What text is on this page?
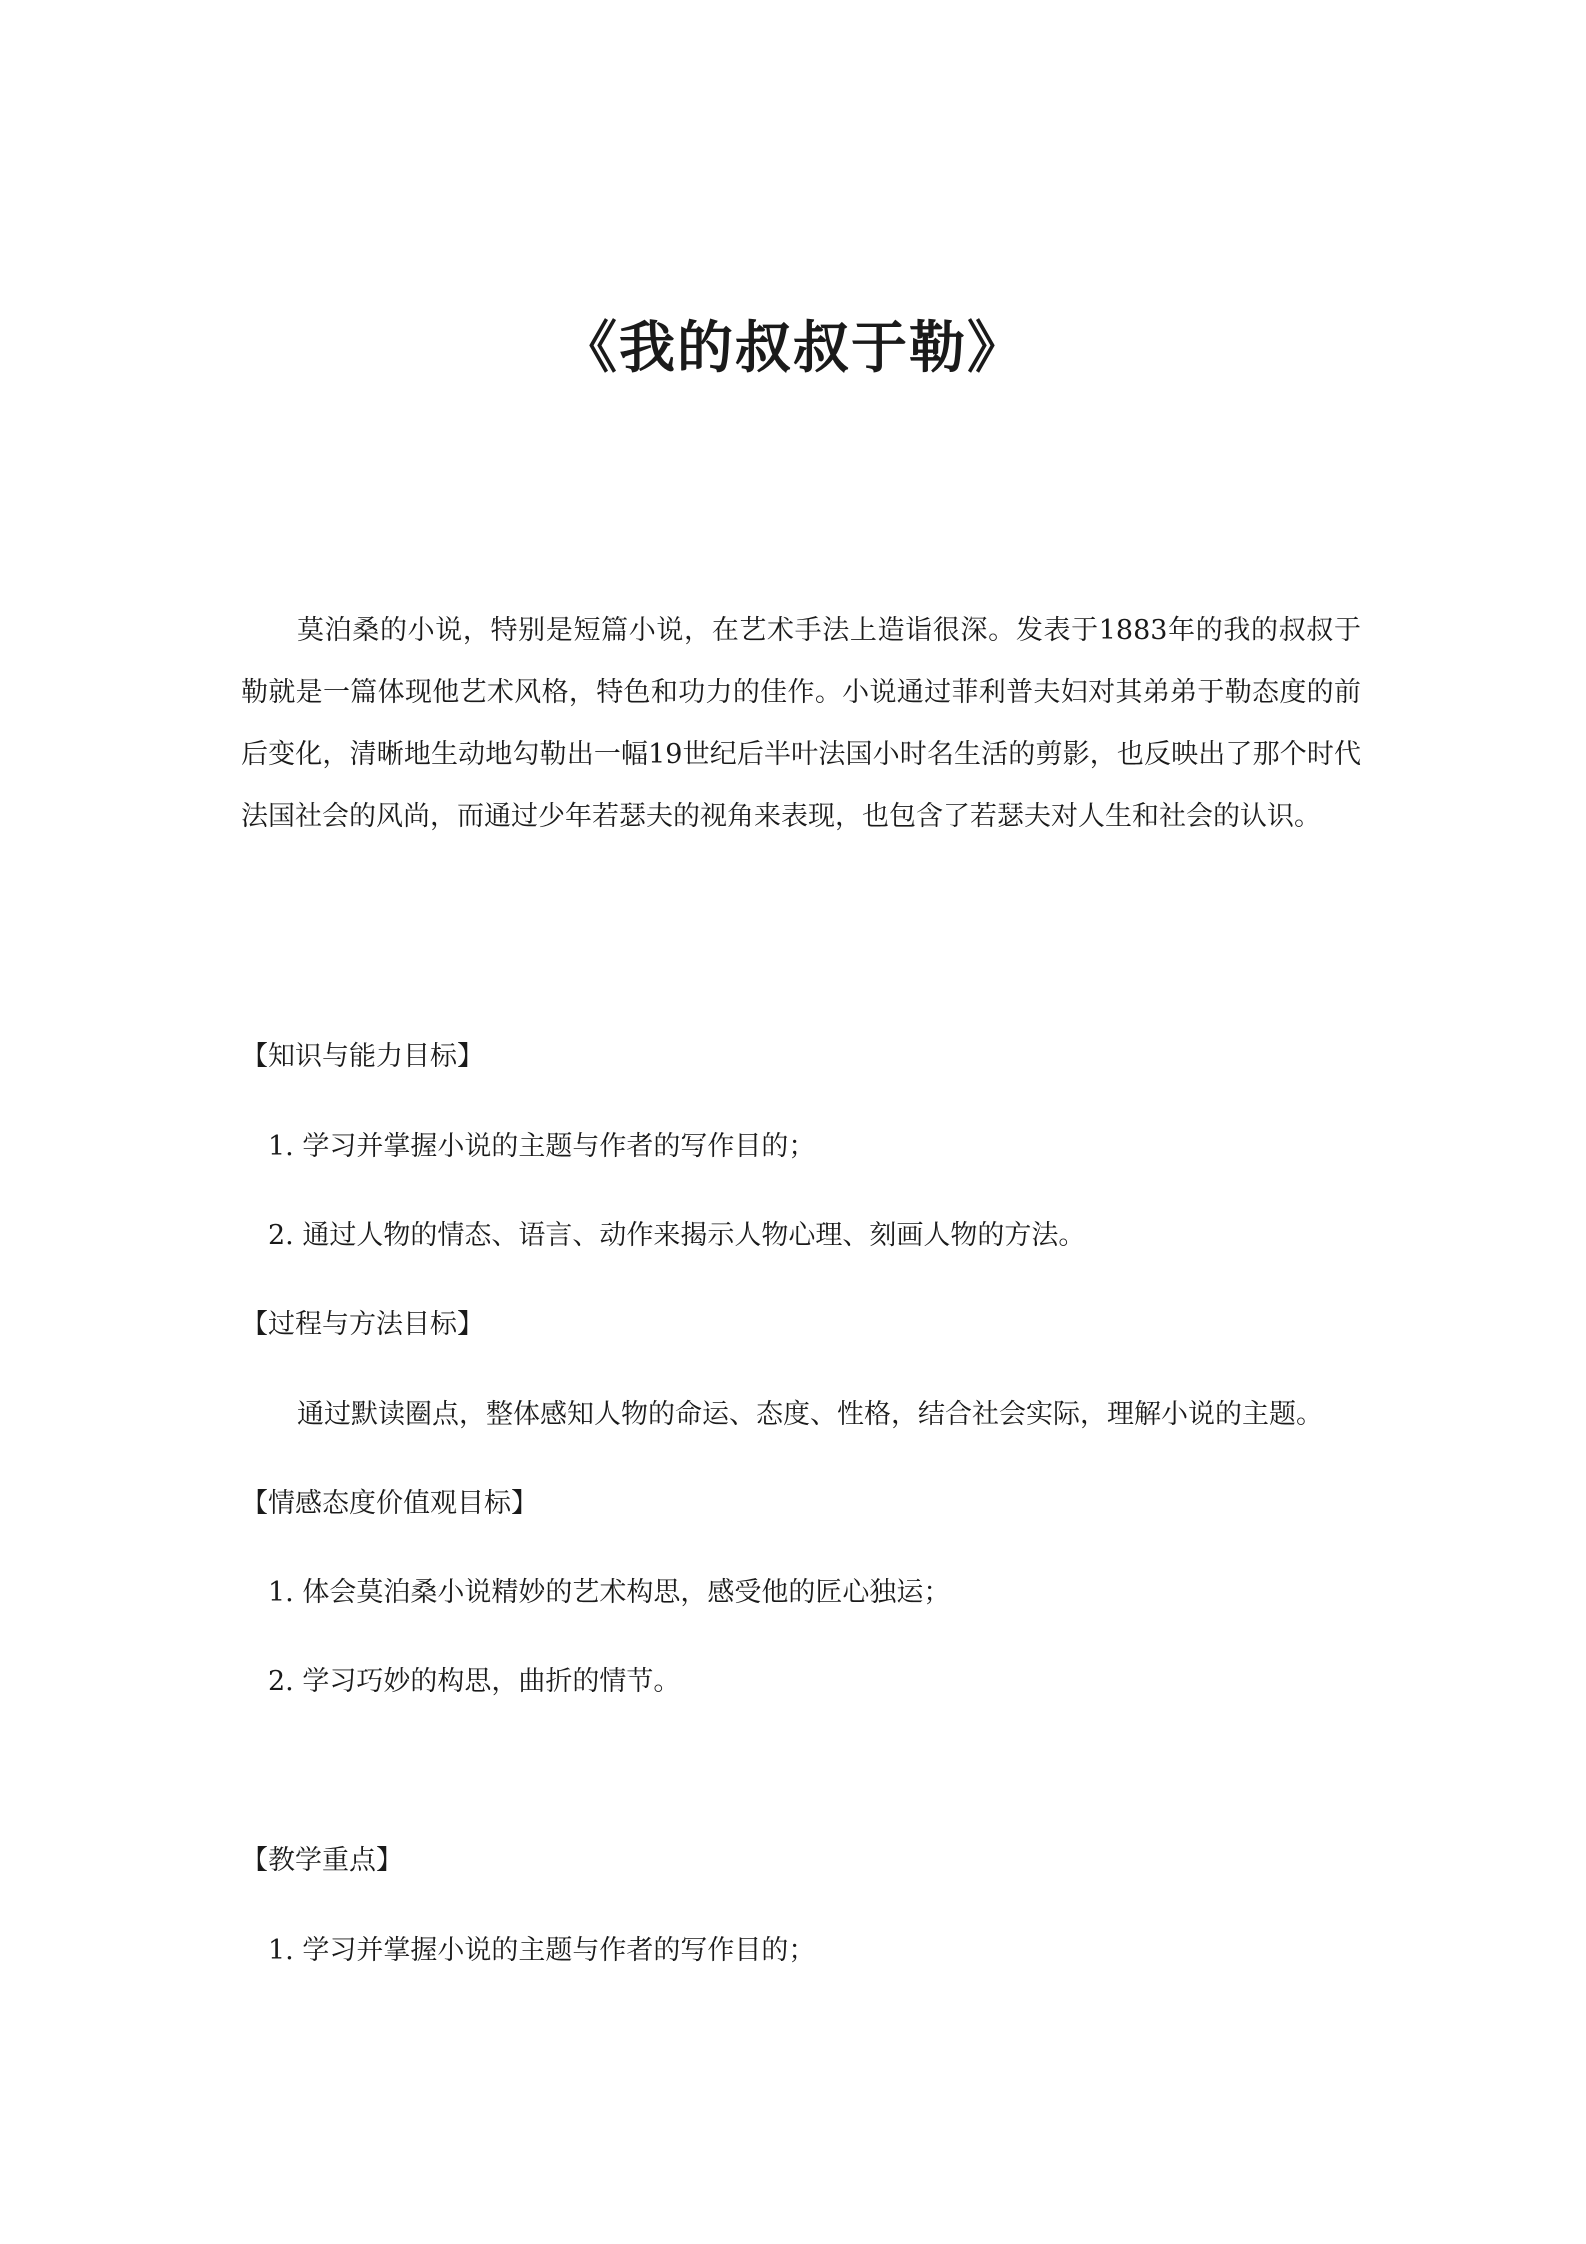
《我的叔叔于勒》

莫泊桑的小说，特别是短篇小说，在艺术手法上造诣很深。发表于1883年的我的叔叔于勒就是一篇体现他艺术风格，特色和功力的佳作。小说通过菲利普夫妇对其弟弟于勒态度的前后变化，清晰地生动地勾勒出一幅19世纪后半叶法国小时名生活的剪影，也反映出了那个时代法国社会的风尚，而通过少年若瑟夫的视角来表现，也包含了若瑟夫对人生和社会的认识。

【知识与能力目标】

1. 学习并掌握小说的主题与作者的写作目的；

2. 通过人物的情态、语言、动作来揭示人物心理、刻画人物的方法。

【过程与方法目标】

通过默读圈点，整体感知人物的命运、态度、性格，结合社会实际，理解小说的主题。

【情感态度价值观目标】

1. 体会莫泊桑小说精妙的艺术构思，感受他的匠心独运；

2. 学习巧妙的构思，曲折的情节。

【教学重点】

1. 学习并掌握小说的主题与作者的写作目的；
